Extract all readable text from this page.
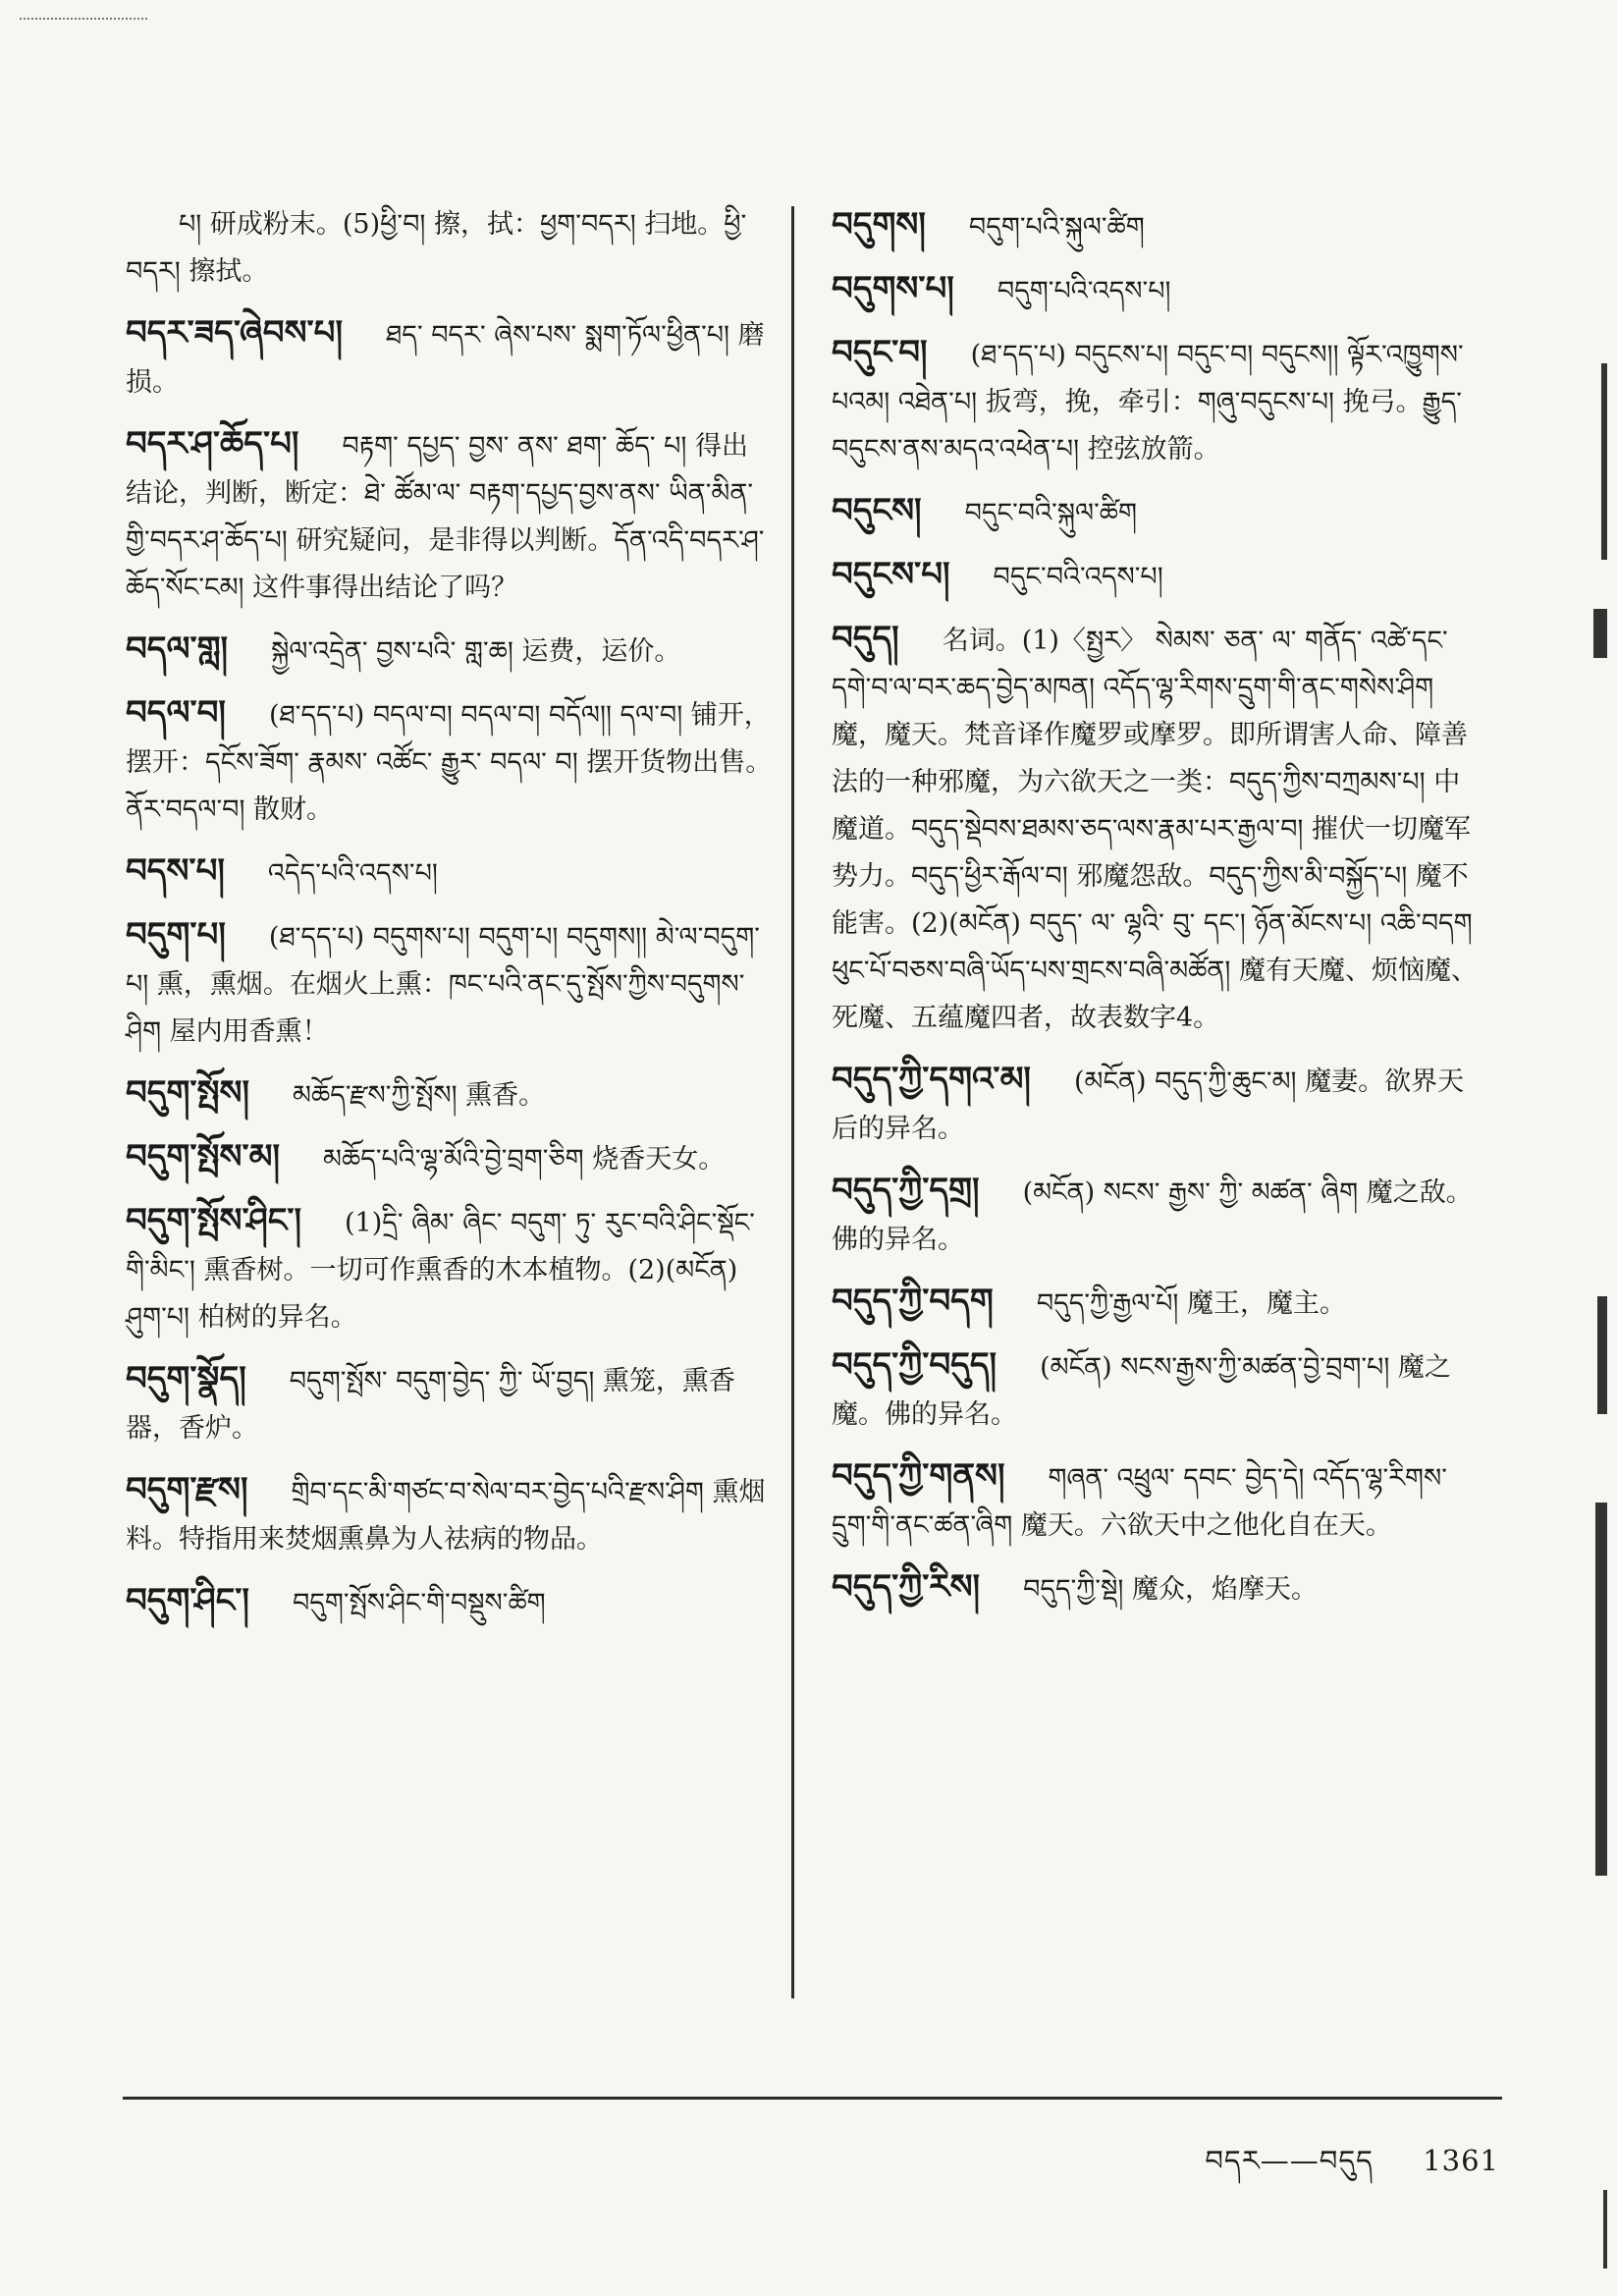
པ། 研成粉末。(5)ཕྱི་བ། 擦，拭：ཕྱག་བདར། 扫地。ཕྱི་བདར། 擦拭。
བདར་ཟད་ཞེབས་པ། ཐད་ བདར་ ཞེས་པས་ སྨག་ཏོལ་ཕྱིན་པ། 磨损。
བདར་ཤ་ཆོད་པ། བརྟག་ དཔྱད་ བྱས་ ནས་ ཐག་ ཆོད་ པ། 得出结论，判断，断定：ཐེ་ ཚོམ་ལ་ བརྟག་དཔྱད་བྱས་ནས་ ཡིན་མིན་གྱི་བདར་ཤ་ཆོད་པ། 研究疑问，是非得以判断。དོན་འདི་བདར་ཤ་ཆོད་སོང་ངམ། 这件事得出结论了吗？
བདལ་གླ། སྐྱེལ་འདྲེན་ བྱས་པའི་ གླ་ཆ། 运费，运价。
བདལ་བ། (ཐ་དད་པ) བདལ་བ། བདལ་བ། བདོལ།། དལ་བ། 铺开，摆开：དངོས་ཟོག་ རྣམས་ འཚོང་ རྒྱུར་ བདལ་ བ། 摆开货物出售。ནོར་བདལ་བ། 散财。
བདས་པ། འདེད་པའི་འདས་པ།
བདུག་པ། (ཐ་དད་པ) བདུགས་པ། བདུག་པ། བདུགས།། མེ་ལ་བདུག་པ། 熏，熏烟。在烟火上熏：ཁང་པའི་ནང་དུ་སྤོས་ཀྱིས་བདུགས་ཤིག 屋内用香熏！
བདུག་སྤོས། མཆོད་རྫས་ཀྱི་སྤོས། 熏香。
བདུག་སྤོས་མ། མཆོད་པའི་ལྷ་མོའི་བྱེ་བྲག་ཅིག 烧香天女。
བདུག་སྤོས་ཤིང་། (1)དྲི་ ཞིམ་ ཞིང་ བདུག་ ཏུ་ རུང་བའི་ཤིང་སྡོང་གི་མིང་། 熏香树。一切可作熏香的木本植物。(2)(མངོན) ཤུག་པ། 柏树的异名。
བདུག་སྣོད། བདུག་སྤོས་ བདུག་བྱེད་ ཀྱི་ ཡོ་བྱད། 熏笼，熏香器，香炉。
བདུག་རྫས། གྲིབ་དང་མི་གཙང་བ་སེལ་བར་བྱེད་པའི་རྫས་ཤིག 熏烟料。特指用来焚烟熏鼻为人祛病的物品。
བདུག་ཤིང་། བདུག་སྤོས་ཤིང་གི་བསྡུས་ཚིག
བདུགས། བདུག་པའི་སྐུལ་ཚིག
བདུགས་པ། བདུག་པའི་འདས་པ།
བདུང་བ། (ཐ་དད་པ) བདུངས་པ། བདུང་བ། བདུངས།། ལྟོར་འཁྱུགས་པའམ། འཐེན་པ། 扳弯，挽，牵引：གཞུ་བདུངས་པ། 挽弓。རྒྱུད་བདུངས་ནས་མདའ་འཕེན་པ། 控弦放箭。
བདུངས། བདུང་བའི་སྐུལ་ཚིག
བདུངས་པ། བདུང་བའི་འདས་པ།
བདུད། 名词。(1)〈སྤྱར〉 སེམས་ ཅན་ ལ་ གནོད་ འཚེ་དང་དགེ་བ་ལ་བར་ཆད་བྱེད་མཁན། འདོད་ལྷ་རིགས་དྲུག་གི་ནང་གསེས་ཤིག 魔，魔天。梵音译作魔罗或摩罗。即所谓害人命、障善法的一种邪魔，为六欲天之一类：བདུད་ཀྱིས་བཀྲམས་པ། 中魔道。བདུད་སྡེབས་ཐམས་ཅད་ལས་རྣམ་པར་རྒྱལ་བ། 摧伏一切魔军势力。བདུད་ཕྱིར་རྒོལ་བ། 邪魔怨敌。བདུད་ཀྱིས་མི་བསྐྱོད་པ། 魔不能害。(2)(མངོན) བདུད་ ལ་ ལྷའི་ བུ་ དང་། ཉོན་མོངས་པ། འཆི་བདག ཕུང་པོ་བཅས་བཞི་ཡོད་པས་གྲངས་བཞི་མཚོན། 魔有天魔、烦恼魔、死魔、五蕴魔四者，故表数字4。
བདུད་ཀྱི་དགའ་མ། (མངོན) བདུད་ཀྱི་ཆུང་མ། 魔妻。欲界天后的异名。
བདུད་ཀྱི་དགྲ། (མངོན) སངས་ རྒྱས་ ཀྱི་ མཚན་ ཞིག 魔之敌。佛的异名。
བདུད་ཀྱི་བདག བདུད་ཀྱི་རྒྱལ་པོ། 魔王，魔主。
བདུད་ཀྱི་བདུད། (མངོན) སངས་རྒྱས་ཀྱི་མཚན་བྱེ་བྲག་པ། 魔之魔。佛的异名。
བདུད་ཀྱི་གནས། གཞན་ འཕྲུལ་ དབང་ བྱེད་དེ། འདོད་ལྷ་རིགས་དྲུག་གི་ནང་ཚན་ཞིག 魔天。六欲天中之他化自在天。
བདུད་ཀྱི་རིས། བདུད་ཀྱི་སྡེ། 魔众，焰摩天。
བདར——བདུད 1361
